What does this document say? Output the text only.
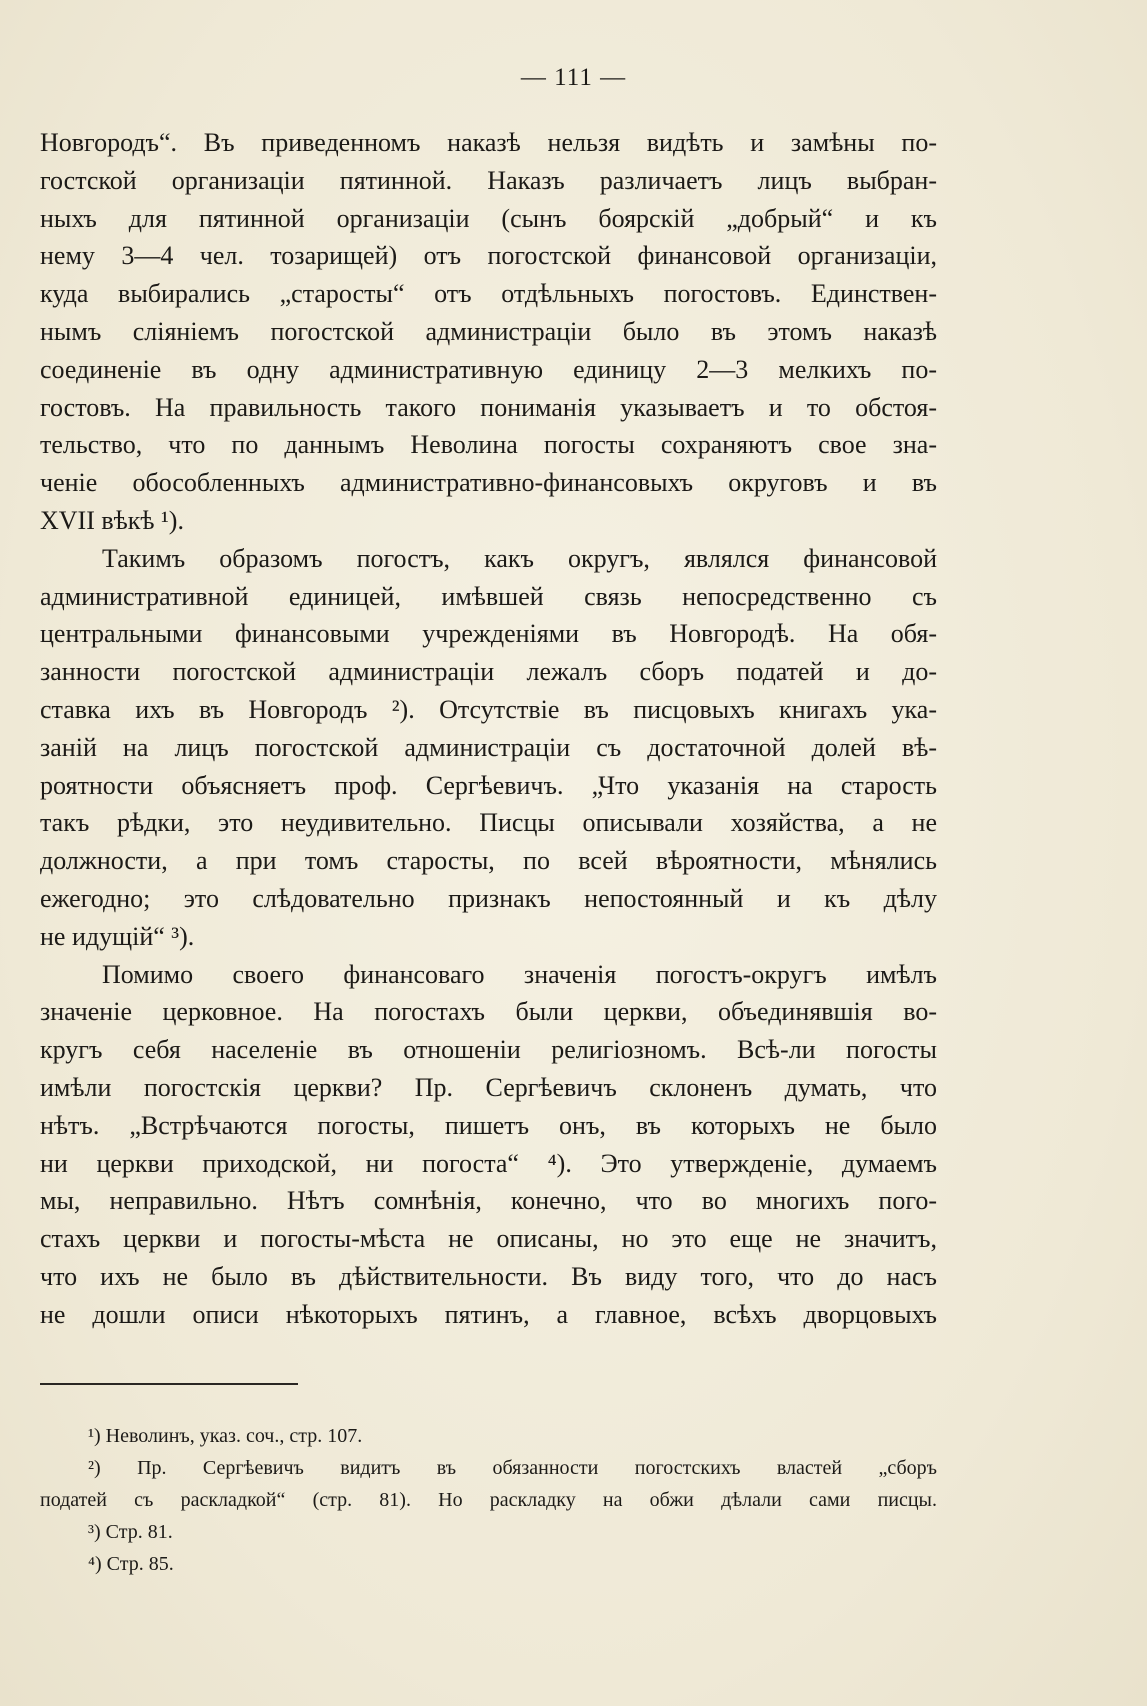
— 111 —
Новгородъ“. Въ приведенномъ наказѣ нельзя видѣть и замѣны по-
гостской организаціи пятинной. Наказъ различаетъ лицъ выбран-
ныхъ для пятинной организаціи (сынъ боярскій „добрый“ и къ
нему 3—4 чел. тозарищей) отъ погостской финансовой организаціи,
куда выбирались „старосты“ отъ отдѣльныхъ погостовъ. Единствен-
нымъ сліяніемъ погостской администраціи было въ этомъ наказѣ
соединеніе въ одну административную единицу 2—3 мелкихъ по-
гостовъ. На правильность такого пониманія указываетъ и то обстоя-
тельство, что по даннымъ Неволина погосты сохраняютъ свое зна-
ченіе обособленныхъ административно-финансовыхъ округовъ и въ
XVII вѣкѣ ¹).
Такимъ образомъ погостъ, какъ округъ, являлся финансовой
административной единицей, имѣвшей связь непосредственно съ
центральными финансовыми учрежденіями въ Новгородѣ. На обя-
занности погостской администраціи лежалъ сборъ податей и до-
ставка ихъ въ Новгородъ ²). Отсутствіе въ писцовыхъ книгахъ ука-
заній на лицъ погостской администраціи съ достаточной долей вѣ-
роятности объясняетъ проф. Сергѣевичъ. „Что указанія на старость
такъ рѣдки, это неудивительно. Писцы описывали хозяйства, а не
должности, а при томъ старосты, по всей вѣроятности, мѣнялись
ежегодно; это слѣдовательно признакъ непостоянный и къ дѣлу
не идущій“ ³).
Помимо своего финансоваго значенія погостъ-округъ имѣлъ
значеніе церковное. На погостахъ были церкви, объединявшія во-
кругъ себя населеніе въ отношеніи религіозномъ. Всѣ-ли погосты
имѣли погостскія церкви? Пр. Сергѣевичъ склоненъ думать, что
нѣтъ. „Встрѣчаются погосты, пишетъ онъ, въ которыхъ не было
ни церкви приходской, ни погоста“ ⁴). Это утвержденіе, думаемъ
мы, неправильно. Нѣтъ сомнѣнія, конечно, что во многихъ пого-
стахъ церкви и погосты-мѣста не описаны, но это еще не значитъ,
что ихъ не было въ дѣйствительности. Въ виду того, что до насъ
не дошли описи нѣкоторыхъ пятинъ, а главное, всѣхъ дворцовыхъ
¹) Неволинъ, указ. соч., стр. 107.
²) Пр. Сергѣевичъ видитъ въ обязанности погостскихъ властей „сборъ
податей съ раскладкой“ (стр. 81). Но раскладку на обжи дѣлали сами писцы.
³) Стр. 81.
⁴) Стр. 85.
